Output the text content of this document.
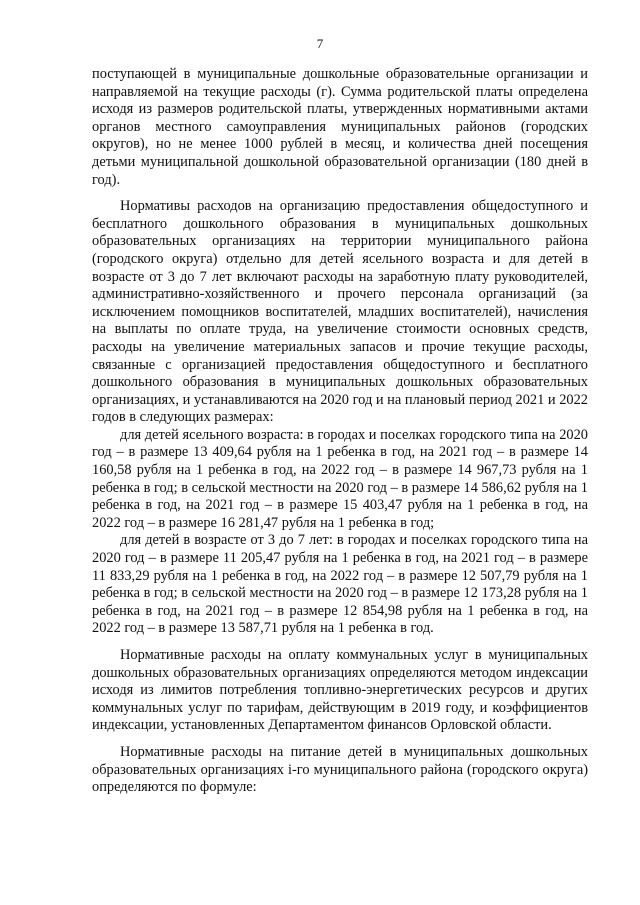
7

поступающей в муниципальные дошкольные образовательные организации и направляемой на текущие расходы (г). Сумма родительской платы определена исходя из размеров родительской платы, утвержденных нормативными актами органов местного самоуправления муниципальных районов (городских округов), но не менее 1000 рублей в месяц, и количества дней посещения детьми муниципальной дошкольной образовательной организации (180 дней в год).

Нормативы расходов на организацию предоставления общедоступного и бесплатного дошкольного образования в муниципальных дошкольных образовательных организациях на территории муниципального района (городского округа) отдельно для детей ясельного возраста и для детей в возрасте от 3 до 7 лет включают расходы на заработную плату руководителей, административно-хозяйственного и прочего персонала организаций (за исключением помощников воспитателей, младших воспитателей), начисления на выплаты по оплате труда, на увеличение стоимости основных средств, расходы на увеличение материальных запасов и прочие текущие расходы, связанные с организацией предоставления общедоступного и бесплатного дошкольного образования в муниципальных дошкольных образовательных организациях, и устанавливаются на 2020 год и на плановый период 2021 и 2022 годов в следующих размерах:

для детей ясельного возраста: в городах и поселках городского типа на 2020 год – в размере 13 409,64 рубля на 1 ребенка в год, на 2021 год – в размере 14 160,58 рубля на 1 ребенка в год, на 2022 год – в размере 14 967,73 рубля на 1 ребенка в год; в сельской местности на 2020 год – в размере 14 586,62 рубля на 1 ребенка в год, на 2021 год – в размере 15 403,47 рубля на 1 ребенка в год, на 2022 год – в размере 16 281,47 рубля на 1 ребенка в год;

для детей в возрасте от 3 до 7 лет: в городах и поселках городского типа на 2020 год – в размере 11 205,47 рубля на 1 ребенка в год, на 2021 год – в размере 11 833,29 рубля на 1 ребенка в год, на 2022 год – в размере 12 507,79 рубля на 1 ребенка в год; в сельской местности на 2020 год – в размере 12 173,28 рубля на 1 ребенка в год, на 2021 год – в размере 12 854,98 рубля на 1 ребенка в год, на 2022 год – в размере 13 587,71 рубля на 1 ребенка в год.

Нормативные расходы на оплату коммунальных услуг в муниципальных дошкольных образовательных организациях определяются методом индексации исходя из лимитов потребления топливно-энергетических ресурсов и других коммунальных услуг по тарифам, действующим в 2019 году, и коэффициентов индексации, установленных Департаментом финансов Орловской области.

Нормативные расходы на питание детей в муниципальных дошкольных образовательных организациях i-го муниципального района (городского округа) определяются по формуле:
